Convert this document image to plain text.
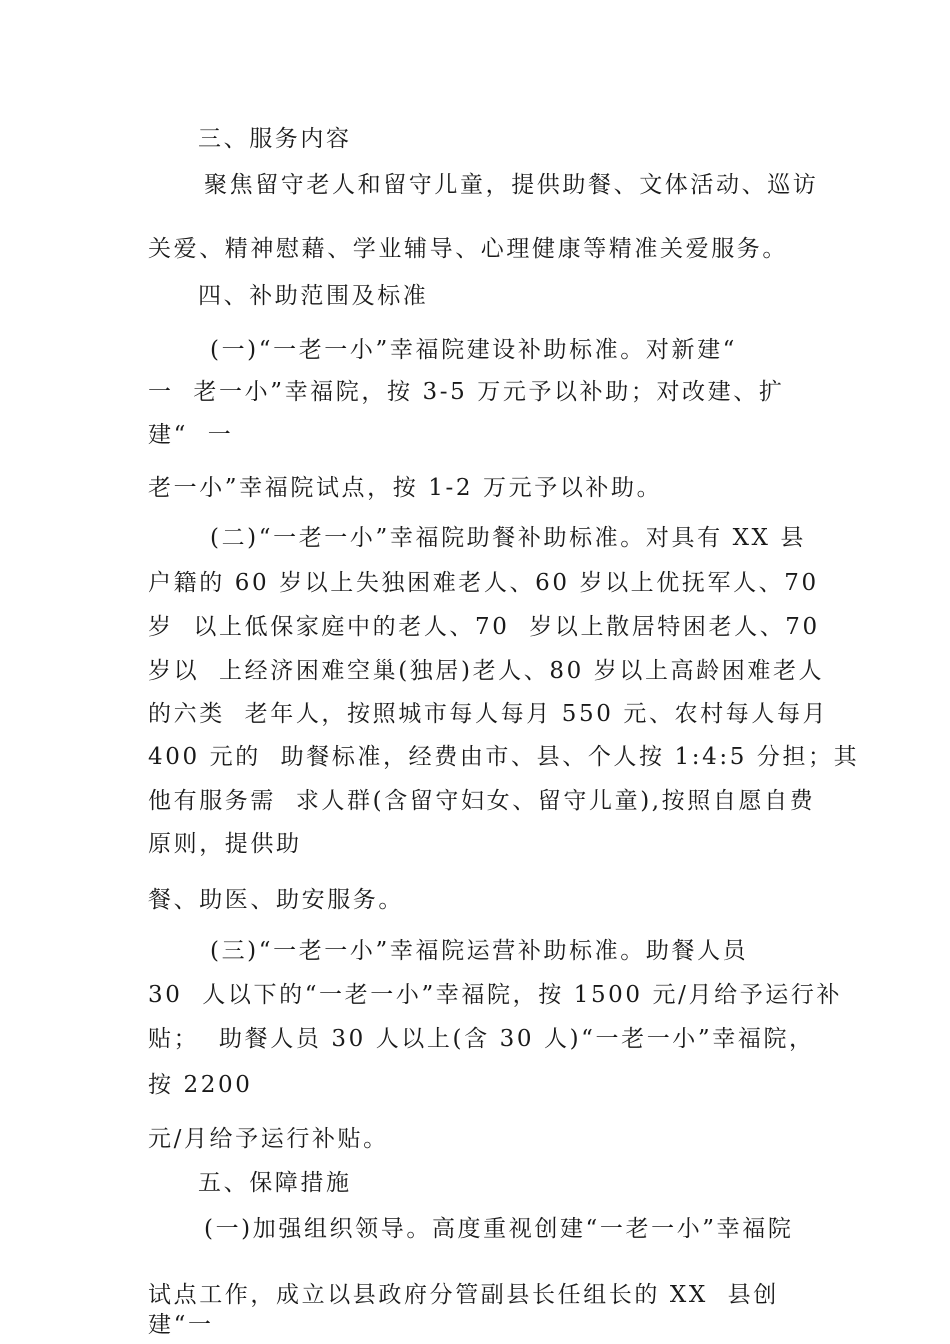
三、服务内容
聚焦留守老人和留守儿童，提供助餐、文体活动、巡访
关爱、精神慰藉、学业辅导、心理健康等精准关爱服务。
四、补助范围及标准
(一)“一老一小”幸福院建设补助标准。对新建“
一  老一小”幸福院，按 3-5 万元予以补助；对改建、扩
建“  一
老一小”幸福院试点，按 1-2 万元予以补助。
(二)“一老一小”幸福院助餐补助标准。对具有 XX 县
户籍的 60 岁以上失独困难老人、60 岁以上优抚军人、70
岁  以上低保家庭中的老人、70  岁以上散居特困老人、70
岁以  上经济困难空巢(独居)老人、80 岁以上高龄困难老人
的六类  老年人，按照城市每人每月 550 元、农村每人每月
400 元的  助餐标准，经费由市、县、个人按 1:4:5 分担；其
他有服务需  求人群(含留守妇女、留守儿童),按照自愿自费
原则，提供助
餐、助医、助安服务。
(三)“一老一小”幸福院运营补助标准。助餐人员
30  人以下的“一老一小”幸福院，按 1500 元/月给予运行补
贴；  助餐人员 30 人以上(含 30 人)“一老一小”幸福院，
按 2200
元/月给予运行补贴。
五、保障措施
(一)加强组织领导。高度重视创建“一老一小”幸福院
试点工作，成立以县政府分管副县长任组长的 XX  县创
建“一
